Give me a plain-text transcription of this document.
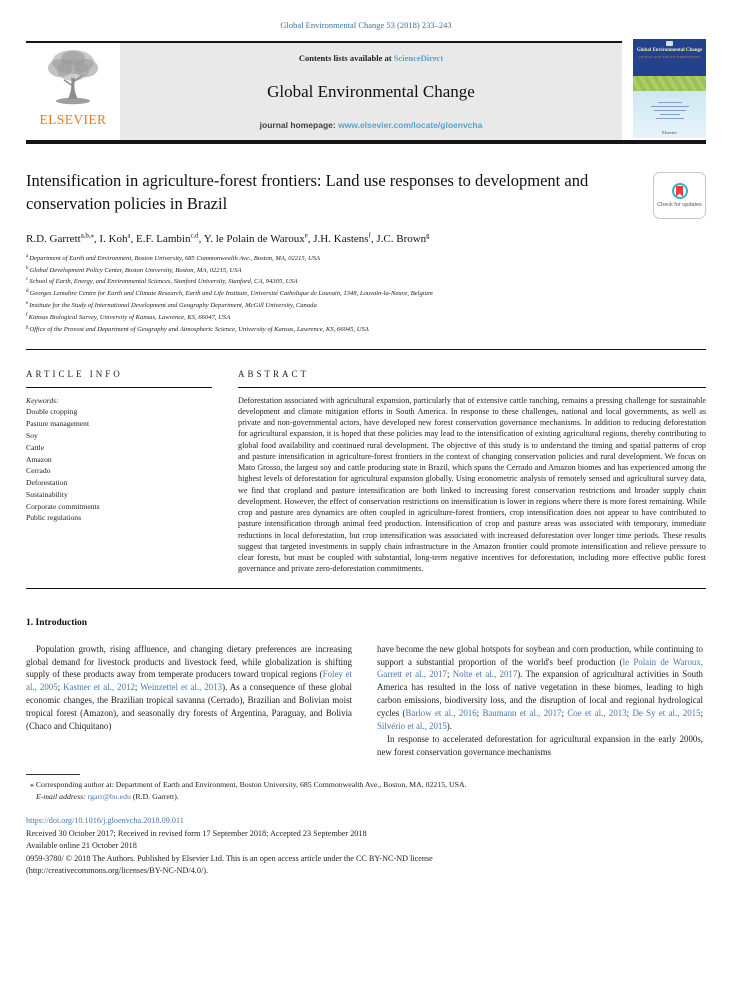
Global Environmental Change 53 (2018) 233–243
ELSEVIER
Contents lists available at ScienceDirect
Global Environmental Change
journal homepage: www.elsevier.com/locate/gloenvcha
Global Environmental Change
HUMAN AND POLICY DIMENSIONS
Elsevier
Intensification in agriculture-forest frontiers: Land use responses to development and conservation policies in Brazil	Check for updates
R.D. Garrett$^{a,b,⁎}$, I. Koh$^a$, E.F. Lambin$^{c,d}$, Y. le Polain de Waroux$^e$, J.H. Kastens$^f$, J.C. Brown$^g$
$^a$Department of Earth and Environment, Boston University, 685 Commonwealth Ave., Boston, MA, 02215, USA
$^b$Global Development Policy Center, Boston University, Boston, MA, 02215, USA
$^c$School of Earth, Energy, and Environmental Sciences, Stanford University, Stanford, CA, 94305, USA
$^d$Georges Lemaître Centre for Earth and Climate Research, Earth and Life Institute, Université Catholique de Louvain, 1348, Louvain-la-Neuve, Belgium
$^e$Institute for the Study of International Development and Geography Department, McGill University, Canada
$^f$Kansas Biological Survey, University of Kansas, Lawrence, KS, 66047, USA
$^g$Office of the Provost and Department of Geography and Atmospheric Science, University of Kansas, Lawrence, KS, 66045, USA
ARTICLE INFO
Keywords:
Double cropping
Pasture management
Soy
Cattle
Amazon
Cerrado
Deforestation
Sustainability
Corporate commitments
Public regulations
ABSTRACT

Deforestation associated with agricultural expansion, particularly that of extensive cattle ranching, remains a pressing challenge for sustainable development and climate mitigation efforts in South America. In response to these challenges, national and local governments, as well as private and non-governmental actors, have developed new forest conservation governance mechanisms. In addition to reducing deforestation for agricultural expansion, it is hoped that these policies may lead to the intensification of existing agricultural regions, thereby contributing to global food availability and continued rural development. The objective of this study is to understand the timing and spatial patterns of crop and pasture intensification in agriculture-forest frontiers in the context of changing conservation policies and rural development. We focus on Mato Grosso, the largest soy and cattle producing state in Brazil, which spans the Cerrado and Amazon biomes and has experienced among the highest levels of deforestation for agricultural expansion globally. Using econometric analysis of remotely sensed and agricultural survey data, we find that cropland and pasture intensification are both linked to increasing forest conservation restrictions and broader supply chain development. However, the effect of conservation restrictions on intensification is lower in regions where there is more forest remaining. While crop and pasture area dynamics are often coupled in agriculture-forest frontiers, crop intensification does not appear to have contributed to pasture intensification through animal feed production. Intensification of crop and pasture areas was associated with temporary, immediate reductions in local deforestation, but crop intensification was associated with increased deforestation over longer time periods. These results suggest that targeted investments in supply chain infrastructure in the Amazon frontier could promote intensification and relieve pressure to clear forests, but must be coupled with substantial, long-term negative incentives for deforestation, including more effective public forest governance and private zero-deforestation commitments.

1. Introduction

Population growth, rising affluence, and changing dietary preferences are increasing global demand for livestock products and livestock feed, while globalization is shifting supply of these products away from temperate producers toward tropical regions (Foley et al., 2005; Kastner et al., 2012; Weinzettel et al., 2013). As a consequence of these global economic changes, the Brazilian tropical savanna (Cerrado), Brazilian and Bolivian moist tropical forest (Amazon), and seasonally dry forests of Argentina, Paraguay, and Bolivia (Chaco and Chiquitano)

have become the new global hotspots for soybean and corn production, while continuing to support a substantial proportion of the world's beef production (le Polain de Waroux, Garrett et al., 2017; Nolte et al., 2017). The expansion of agricultural activities in South America has resulted in the loss of native vegetation in these biomes, leading to high carbon emissions, biodiversity loss, and the disruption of local and regional hydrological cycles (Barlow et al., 2016; Baumann et al., 2017; Coe et al., 2013; De Sy et al., 2015; Silvério et al., 2015).

In response to accelerated deforestation for agricultural expansion in the early 2000s, new forest conservation governance mechanisms

⁎ Corresponding author at: Department of Earth and Environment, Boston University, 685 Commonwealth Ave., Boston, MA, 02215, USA.
E-mail address: rgarr@bu.edu (R.D. Garrett).
https://doi.org/10.1016/j.gloenvcha.2018.09.011
Received 30 October 2017; Received in revised form 17 September 2018; Accepted 23 September 2018
Available online 21 October 2018
0959-3780/ © 2018 The Authors. Published by Elsevier Ltd. This is an open access article under the CC BY-NC-ND license
(http://creativecommons.org/licenses/BY-NC-ND/4.0/).
